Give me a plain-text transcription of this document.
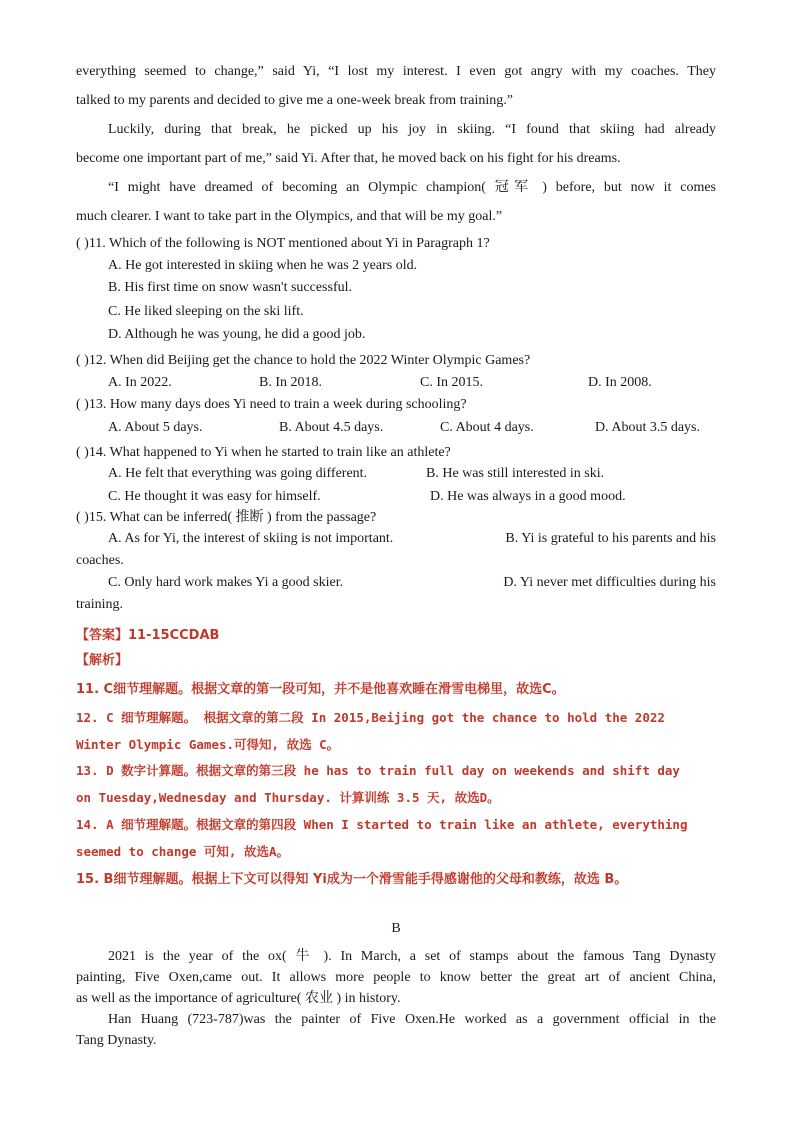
everything seemed to change,” said Yi, “I lost my interest. I even got angry with my coaches. They
talked to my parents and decided to give me a one-week break from training.”
Luckily, during that break, he picked up his joy in skiing. “I found that skiing had already
become one important part of me,” said Yi. After that, he moved back on his fight for his dreams.
“I might have dreamed of becoming an Olympic champion( 冠军 ) before, but now it comes
much clearer. I want to take part in the Olympics, and that will be my goal.”
( )11. Which of the following is NOT mentioned about Yi in Paragraph 1?
A. He got interested in skiing when he was 2 years old.
B. His first time on snow wasn't successful.
C. He liked sleeping on the ski lift.
D. Although he was young, he did a good job.
( )12. When did Beijing get the chance to hold the 2022 Winter Olympic Games?
A. In 2022.	B. In 2018.	C. In 2015.	D. In 2008.
( )13. How many days does Yi need to train a week during schooling?
A. About 5 days.	B. About 4.5 days.	C. About 4 days.	D. About 3.5 days.
( )14. What happened to Yi when he started to train like an athlete?
A. He felt that everything was going different.	B. He was still interested in ski.
C. He thought it was easy for himself.	D. He was always in a good mood.
( )15. What can be inferred( 推断 ) from the passage?
A. As for Yi, the interest of skiing is not important.	B. Yi is grateful to his parents and his
coaches.
C. Only hard work makes Yi a good skier.	D. Yi never met difficulties during his
training.
【答案】11-15CCDAB
【解析】
11. C细节理解题。根据文章的第一段可知，并不是他喜欢睡在滑雪电梯里，故选C。
12. C 细节理解题。 根据文章的第二段 In 2015,Beijing got the chance to hold the 2022
Winter Olympic Games.可得知, 故选 C。
13. D 数字计算题。根据文章的第三段 he has to train full day on weekends and shift day
on Tuesday,Wednesday and Thursday. 计算训练 3.5 天, 故选D。
14. A 细节理解题。根据文章的第四段 When I started to train like an athlete, everything
seemed to change 可知, 故选A。
15. B细节理解题。根据上下文可以得知 Yi成为一个滑雪能手得感谢他的父母和教练，故选 B。
B
2021 is the year of the ox( 牛 ). In March, a set of stamps about the famous Tang Dynasty
painting, Five Oxen,came out. It allows more people to know better the great art of ancient China,
as well as the importance of agriculture( 农业 ) in history.
Han Huang (723-787)was the painter of Five Oxen.He worked as a government official in the
Tang Dynasty.
